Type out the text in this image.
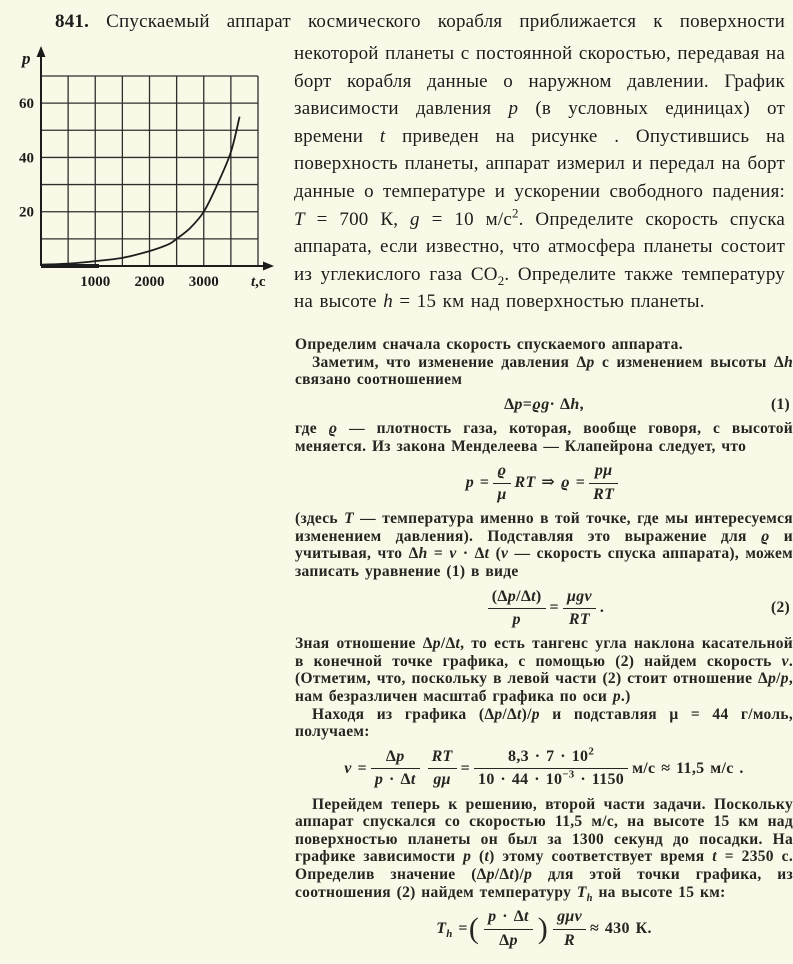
841. Спускаемый аппарат космического корабля приближается к поверхности

20
40
60
1000 2000 3000
p
t,с

некоторой планеты с постоянной скоростью, передавая на борт корабля данные о наружном давлении. График зависимости давления p (в условных единицах) от времени t приведен на рисунке . Опустившись на поверхность планеты, аппарат измерил и передал на борт данные о температуре и ускорении свободного падения: T = 700 К, g = 10 $м/с^2$. Определите скорость спуска аппарата, если известно, что атмосфера планеты состоит из углекислого газа $СО_2$. Определите также температуру на высоте h = 15 км над поверхностью планеты.

Определим сначала скорость спускаемого аппарата.

Заметим, что изменение давления Δp с изменением высоты Δh связано соотношением

Δ p = ϱg · Δ h ,	(1)

где ϱ — плотность газа, которая, вообще говоря, с высотой меняется. Из закона Менделеева — Клапейрона следует, что

$p = \frac{ϱ}{\mu}$ RT ⇒ $ϱ = \frac{p\mu}{RT}$

(здесь T — температура именно в той точке, где мы интересуемся изменением давления). Подставляя это выражение для ϱ и учитывая, что Δh = v · Δt (v — скорость спуска аппарата), можем записать уравнение (1) в виде

$\frac{(\Delta p/\Delta t)}{p} = \frac{\text{μgv}}{RT}$ .	(2)

Зная отношение Δp/Δt, то есть тангенс угла наклона касательной в конечной точке графика, с помощью (2) найдем скорость v. (Отметим, что, поскольку в левой части (2) стоит отношение Δp/p, нам безразличен масштаб графика по оси p.)

Находя из графика (Δp/Δt)/p и подставляя μ = 44 г/моль, получаем:

$v = \frac{\Delta p}{p \cdot \Delta t} \frac{RT}{g\mu} = \frac{8,3 \cdot 7 \cdot 10^2}{10 \cdot 44 \cdot 10^{-3} \cdot 1150} м/с \approx 11,5$ м/с .

Перейдем теперь к решению, второй части задачи. Поскольку аппарат спускался со скоростью 11,5 м/с, на высоте 15 км над поверхностью планеты он был за 1300 секунд до посадки. На графике зависимости p (t) этому соответствует время t = 2350 с. Определив значение (Δp/Δt)/p для этой точки графика, из соотношения (2) найдем температуру $T_h$ на высоте 15 км:

$T_h$ = ( $\frac{p \cdot \Delta t}{\Delta p}$ ) $\frac{\text{gμv}}{R} \approx 430$ К.
